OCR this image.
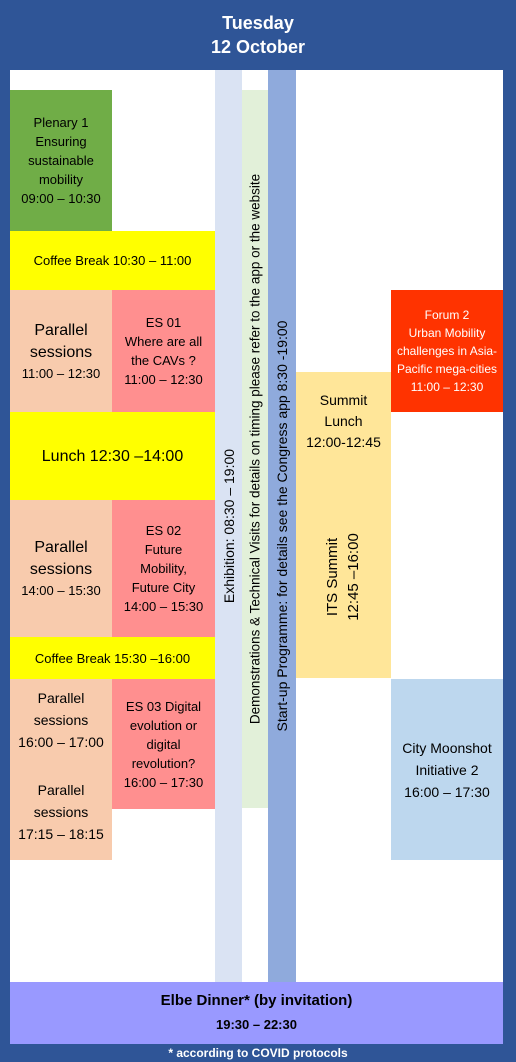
Tuesday
12 October
Plenary 1
Ensuring
sustainable
mobility
09:00 – 10:30
Coffee Break 10:30 – 11:00
Parallel
sessions
11:00 – 12:30
ES 01
Where are all
the CAVs ?
11:00 – 12:30
Lunch 12:30 –14:00
Parallel
sessions
14:00 – 15:30
ES 02
Future
Mobility,
Future City
14:00 – 15:30
Coffee Break 15:30 –16:00
Parallel
sessions
16:00 – 17:00
Parallel
sessions
17:15 – 18:15
ES 03 Digital
evolution or
digital
revolution?
16:00 – 17:30
Exhibition: 08:30 – 19:00 Demonstrations & Technical Visits for details on timing please refer to the app or the website Start-up Programme: for details see the Congress app 8:30 -19:00 Summit
Lunch
12:00-12:45
ITS Summit 12:45 –16:00
Forum 2
Urban Mobility
challenges in Asia-
Pacific mega-cities
11:00 – 12:30
City Moonshot
Initiative 2
16:00 – 17:30
Elbe Dinner* (by invitation)
19:30 – 22:30
* according to COVID protocols
